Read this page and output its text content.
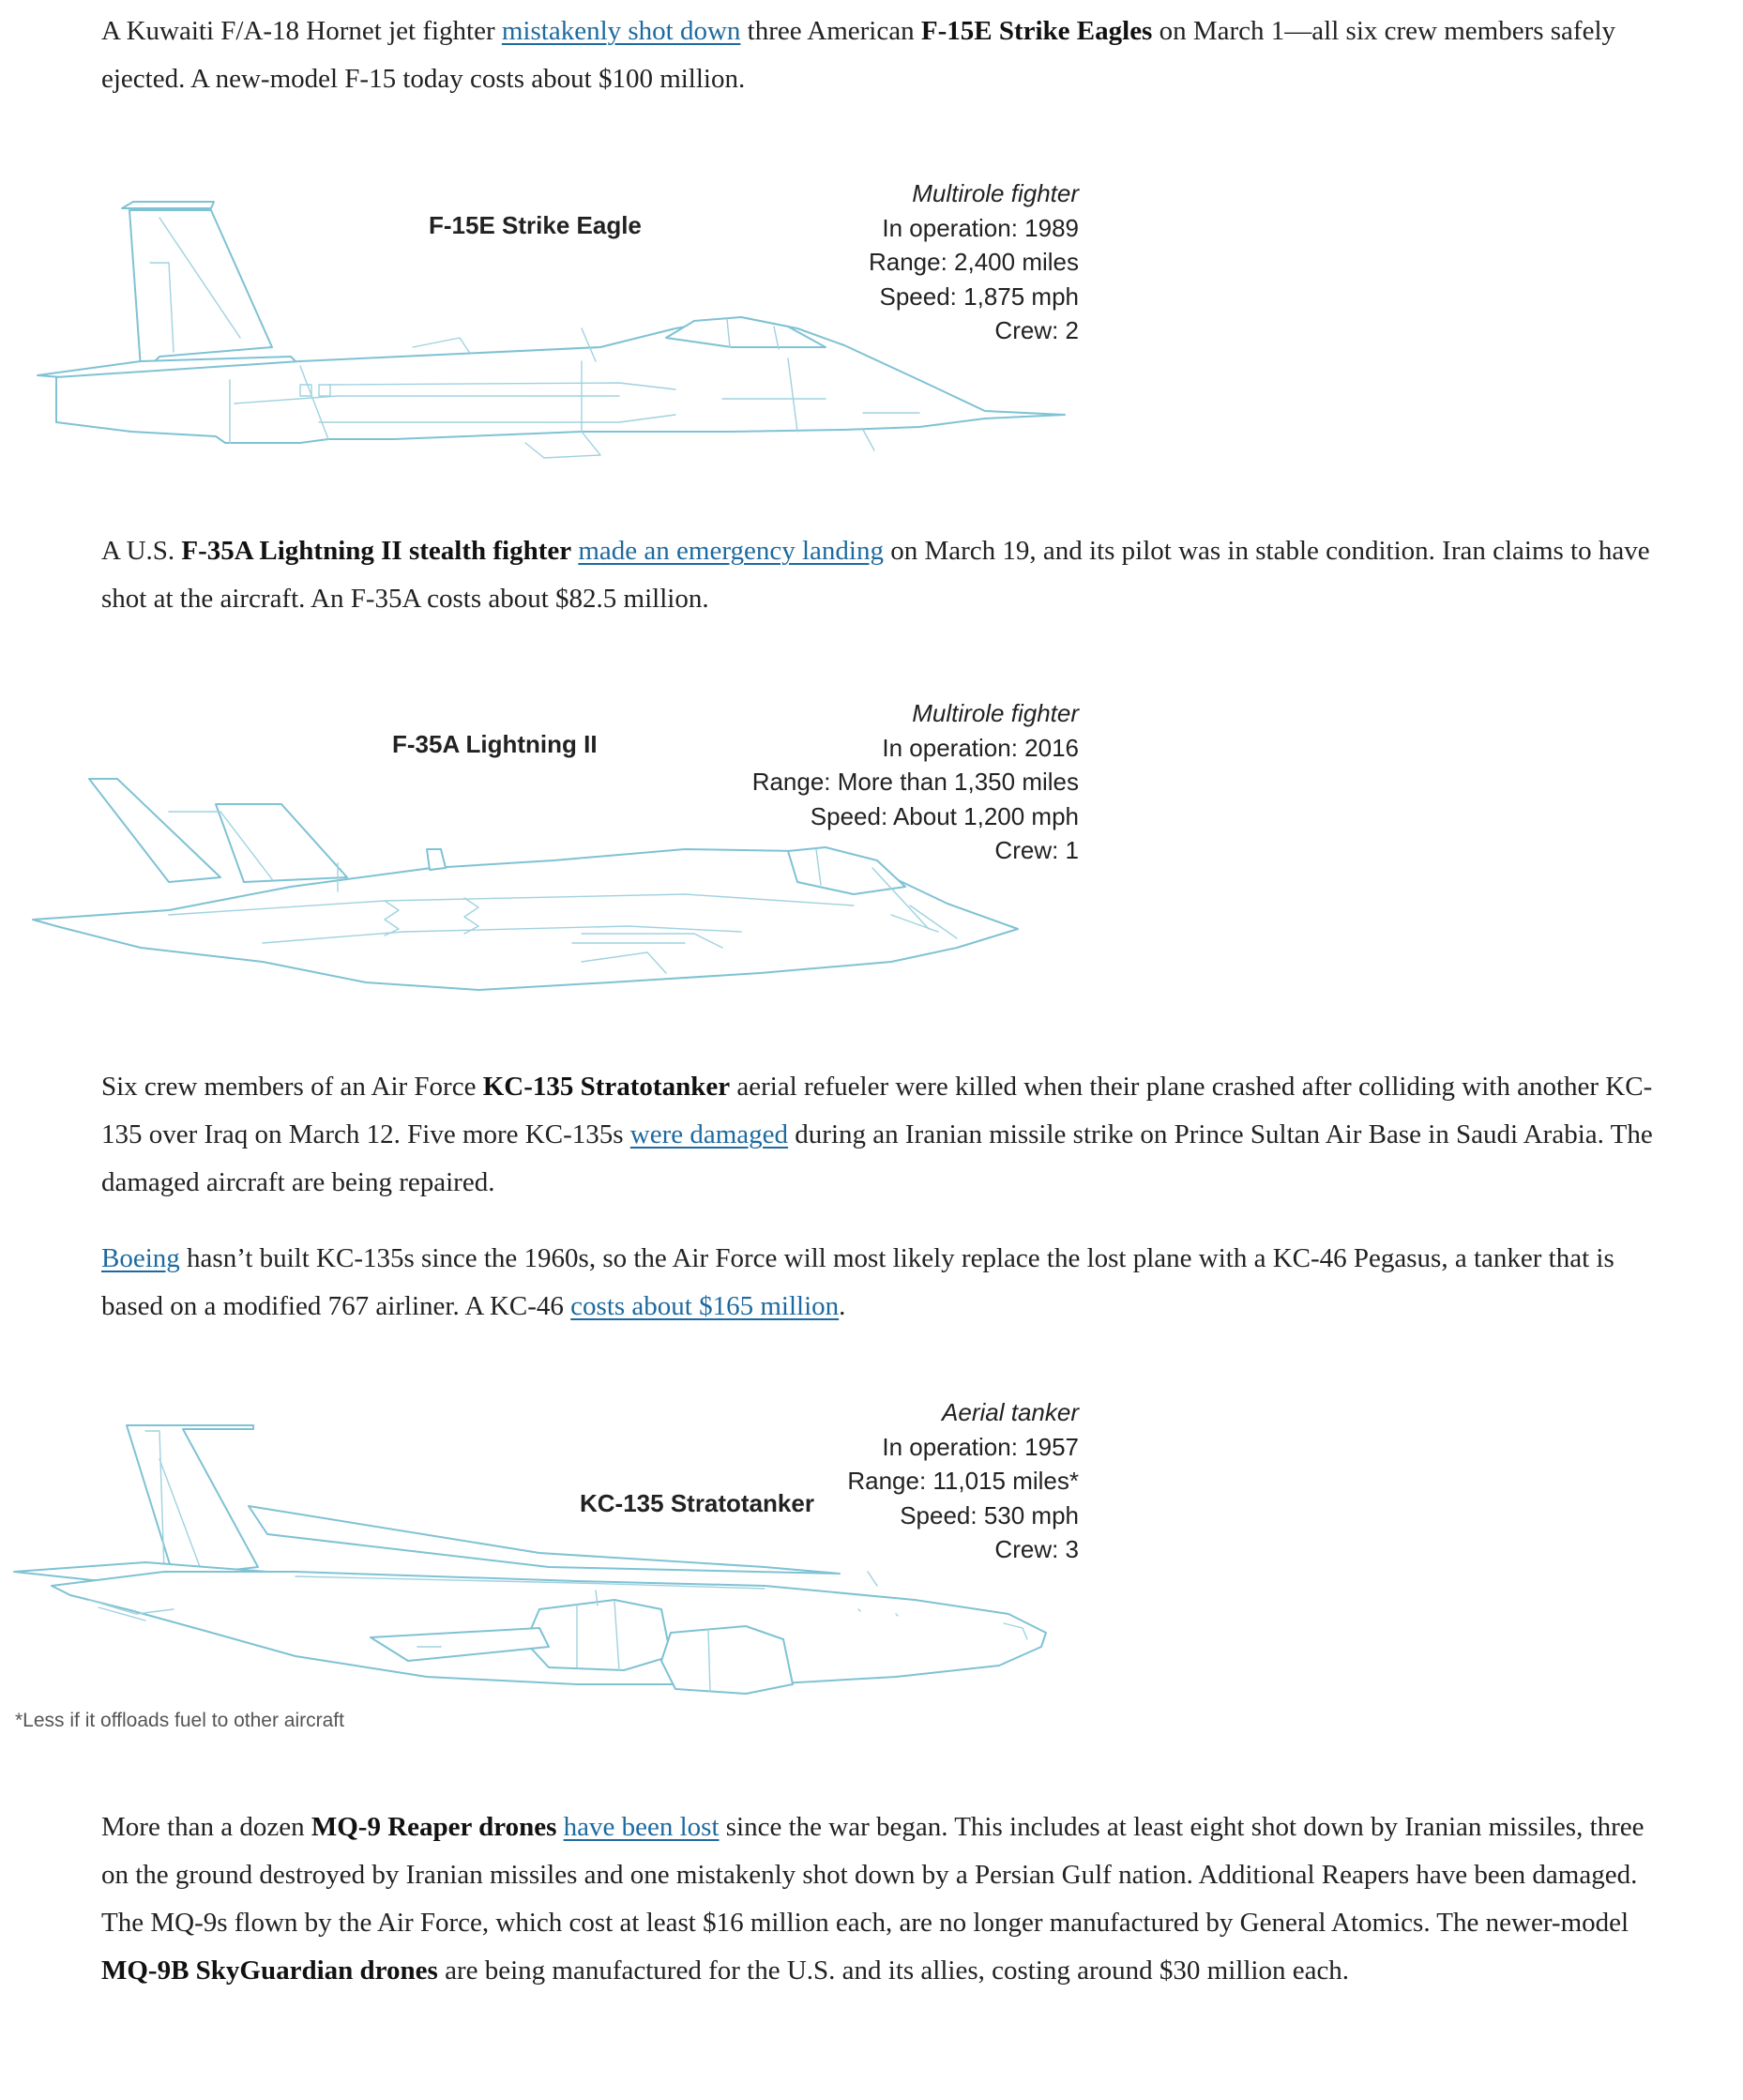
A Kuwaiti F/A-18 Hornet jet fighter mistakenly shot down three American F-15E Strike Eagles on March 1—all six crew members safely ejected. A new-model F-15 today costs about $100 million.

F-15E Strike Eagle
Multirole fighter
In operation: 1989
Range: 2,400 miles
Speed: 1,875 mph
Crew: 2

A U.S. F-35A Lightning II stealth fighter made an emergency landing on March 19, and its pilot was in stable condition. Iran claims to have shot at the aircraft. An F-35A costs about $82.5 million.

F-35A Lightning II
Multirole fighter
In operation: 2016
Range: More than 1,350 miles
Speed: About 1,200 mph
Crew: 1

Six crew members of an Air Force KC-135 Stratotanker aerial refueler were killed when their plane crashed after colliding with another KC-135 over Iraq on March 12. Five more KC-135s were damaged during an Iranian missile strike on Prince Sultan Air Base in Saudi Arabia. The damaged aircraft are being repaired.

Boeing hasn’t built KC-135s since the 1960s, so the Air Force will most likely replace the lost plane with a KC-46 Pegasus, a tanker that is based on a modified 767 airliner. A KC-46 costs about $165 million.

KC-135 Stratotanker
Aerial tanker
In operation: 1957
Range: 11,015 miles*
Speed: 530 mph
Crew: 3
*Less if it offloads fuel to other aircraft

More than a dozen MQ-9 Reaper drones have been lost since the war began. This includes at least eight shot down by Iranian missiles, three on the ground destroyed by Iranian missiles and one mistakenly shot down by a Persian Gulf nation. Additional Reapers have been damaged. The MQ-9s flown by the Air Force, which cost at least $16 million each, are no longer manufactured by General Atomics. The newer-model MQ-9B SkyGuardian drones are being manufactured for the U.S. and its allies, costing around $30 million each.
